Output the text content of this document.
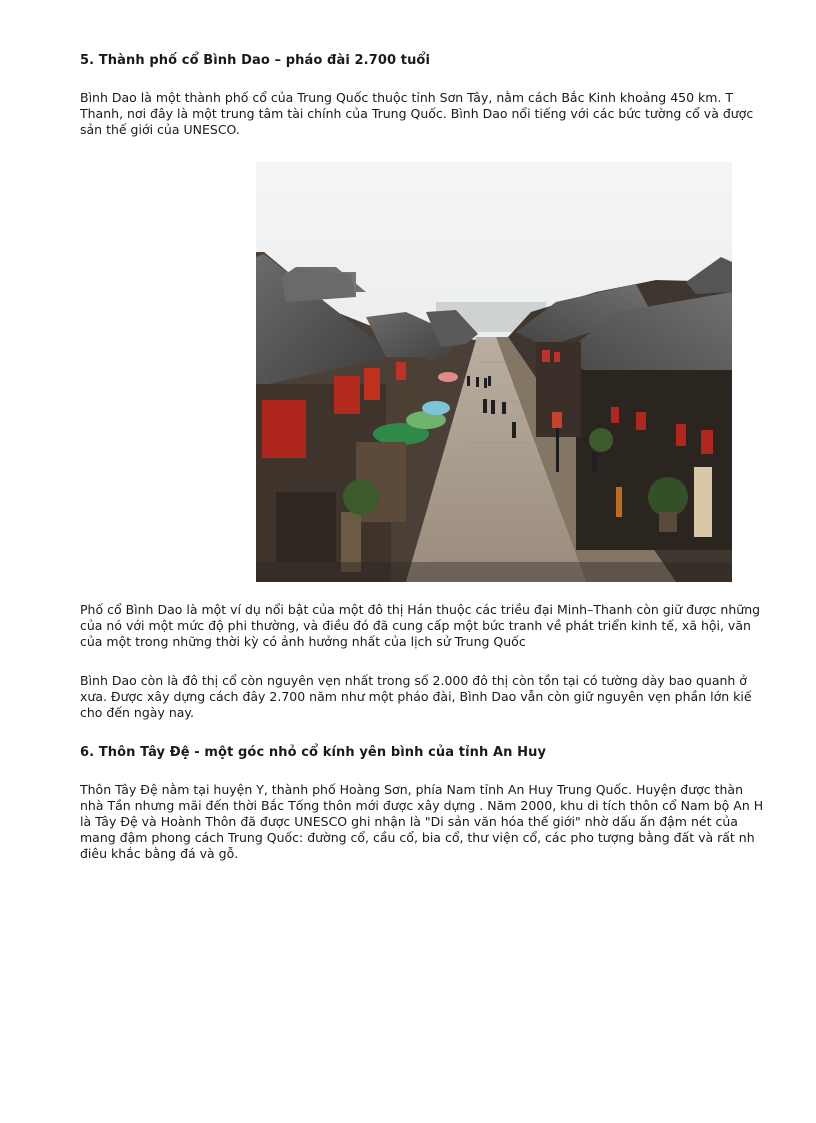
5. Thành phố cổ Bình Dao – pháo đài 2.700 tuổi
Bình Dao là một thành phố cổ của Trung Quốc thuộc tỉnh Sơn Tây, nằm cách Bắc Kinh khoảng 450 km. T
Thanh, nơi đây là một trung tâm tài chính của Trung Quốc. Bình Dao nổi tiếng với các bức tường cổ và được
sản thế giới của UNESCO.
Phố cổ Bình Dao là một ví dụ nổi bật của một đô thị Hán thuộc các triều đại Minh–Thanh còn giữ được những
của nó với một mức độ phi thường, và điều đó đã cung cấp một bức tranh về phát triển kinh tế, xã hội, văn
của một trong những thời kỳ có ảnh hưởng nhất của lịch sử Trung Quốc
Bình Dao còn là đô thị cổ còn nguyên vẹn nhất trong số 2.000 đô thị còn tồn tại có tường dày bao quanh ở
xưa. Được xây dựng cách đây 2.700 năm như một pháo đài, Bình Dao vẫn còn giữ nguyên vẹn phần lớn kiế
cho đến ngày nay.
6. Thôn Tây Đệ - một góc nhỏ cổ kính yên bình của tỉnh An Huy
Thôn Tây Đệ nằm tại huyện Y, thành phố Hoàng Sơn, phía Nam tỉnh An Huy Trung Quốc. Huyện được thàn
nhà Tần nhưng mãi đến thời Bắc Tống thôn mới được xây dựng . Năm 2000, khu di tích thôn cổ Nam bộ An H
là Tây Đệ và Hoành Thôn đã được UNESCO ghi nhận là "Di sản văn hóa thế giới" nhờ dấu ấn đậm nét của
mang đậm phong cách Trung Quốc: đường cổ, cầu cổ, bia cổ, thư viện cổ, các pho tượng bằng đất và rất nh
điêu khắc bằng đá và gỗ.
